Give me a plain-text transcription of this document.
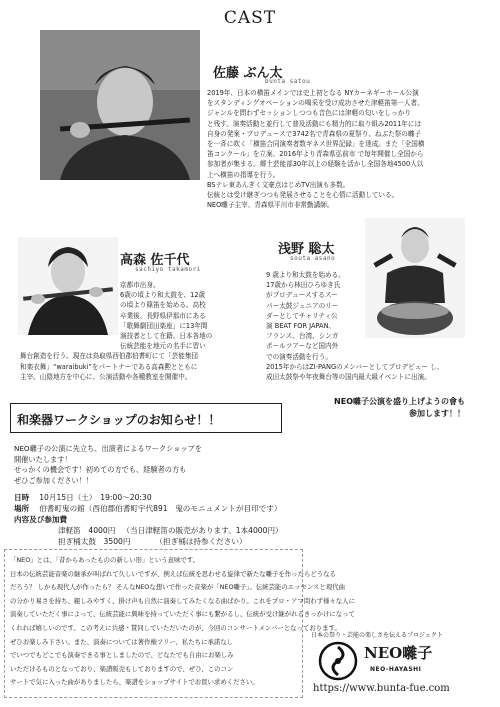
CAST
佐藤 ぶん太
bunta satou

2019年、日本の横笛メインでは史上初となる NYカーネギーホール公演

をスタンディングオベーションの喝采を受け成功させた津軽笛第一人者。

ジャンルを問わずセッションしつつも音色には津軽の匂いをしっかり

と残す。演奏活動と並行して普及活動にも精力的に取り組み2011年には

自身の発案・プロデュースで3742名で青森県の夏祭り、ねぶた祭の囃子

を一斉に吹く「横笛合同演奏者数ギネス世界記録」を達成。また「全国横

笛コンクール」を立案、2016年より青森県弘前市 で毎年開催し全国から

参加者が集まる。郷土芸能部30年以上の経験を活かし全国各地4500人以

上へ横笛の指導を行う。

BSテレ東あんぎく文豪点はじめTV出演も多数。

伝統とは受け継ぎつつも発展させることを心情に活動している。

NEO囃子主宰、青森県平川市非常勤講師。

高森 佐千代
sachiyo takamori

京都市出身。

6歳の頃より和太鼓を、12歳

の頃より篠笛を始める。高校

卒業後、長野県伊那市にある

「歌舞劇団田楽座」に13年間

演技者として在籍。日本各地の

伝統芸能を地元の名手に習い

舞台創造を行う。現在は鳥取県西伯郡伯耆町にて「芸能集団

和楽衣舞」“waraibuki”をパートナーである高森勲とともに

主宰。山陰地方を中心に、公演活動や各種教室を開催中。

浅野 聡太
souta asano

9 歳より和太鼓を始める。

17歳から林田ひろゆき氏

がプロデュースするスー

パー太鼓ジュニアのリー

ダーとしてチャリティ公

演 BEAT FOR JAPAN、

フランス、台湾、シンガ

ポールツアーなど国内外

での演奏活動を行う。

2015年からはZI-PANGのメンバーとしてプロデビュー し、

成田太鼓祭や年夜舞台等の国内最大級イベントに出演。

NEO囃子公演を盛り上げようの會も

参加します！！

和楽器ワークショップのお知らせ！！

NEO囃子の公演に先立ち、出演者によるワークショップを

開催いたします！

せっかくの機会です！初めての方でも、経験者の方も

ぜひご参加ください！！

日時　 10月15日（土）　19:00～20:30
場所　 伯耆町鬼の館（西伯郡伯耆町宇代891　鬼のモニュメントが目印です）
内容及び参加費
津軽笛　4000円 （当日津軽笛の販売があります。1本4000円）
担ぎ桶太鼓　3500円	（担ぎ桶は持参ください）

「NEO」とは、「昔からあったものの新しい形」という意味です。

日本の伝統芸能音楽の継承が叫ばれて久しいですが、例えば伝統を思わせる旋律で新たな囃子を作ったらどうなる

だろう？ しかも現代人が作ったら？ そんなNEOな想いで作った音楽が「NEO囃子」。伝統芸能のエッセンスと現代曲

の分かり易さを持ち、親しみやすく、掛け声も自然に演奏してみたくなる曲ばかり。これをプロ・アマ問わず様々な人に

演奏していただく事によって、伝統芸能に興味を持っていただく事にも繋がるし、伝統が受け継がれるきっかけになって

くれれば嬉しいのです。この考えに共感・賛同していただいたのが、今回のコンサートメンバーとなっております。

ぜひお楽しみ下さい。また、演奏については著作権フリー、私たちに承諾なし

でいつでもどこでも演奏できる事としましたので、どなたでも自由にお楽しみ

いただけるものとなっており、楽譜販売もしておりますので、ぜひ、このコン

サートで気に入った曲がありましたら、楽譜をショップサイトでお買い求めください。

日本の祭り・芸能の楽しさを伝えるプロジェクト
NEO囃子
NEO-HAYASHI
https://www.bunta-fue.com
